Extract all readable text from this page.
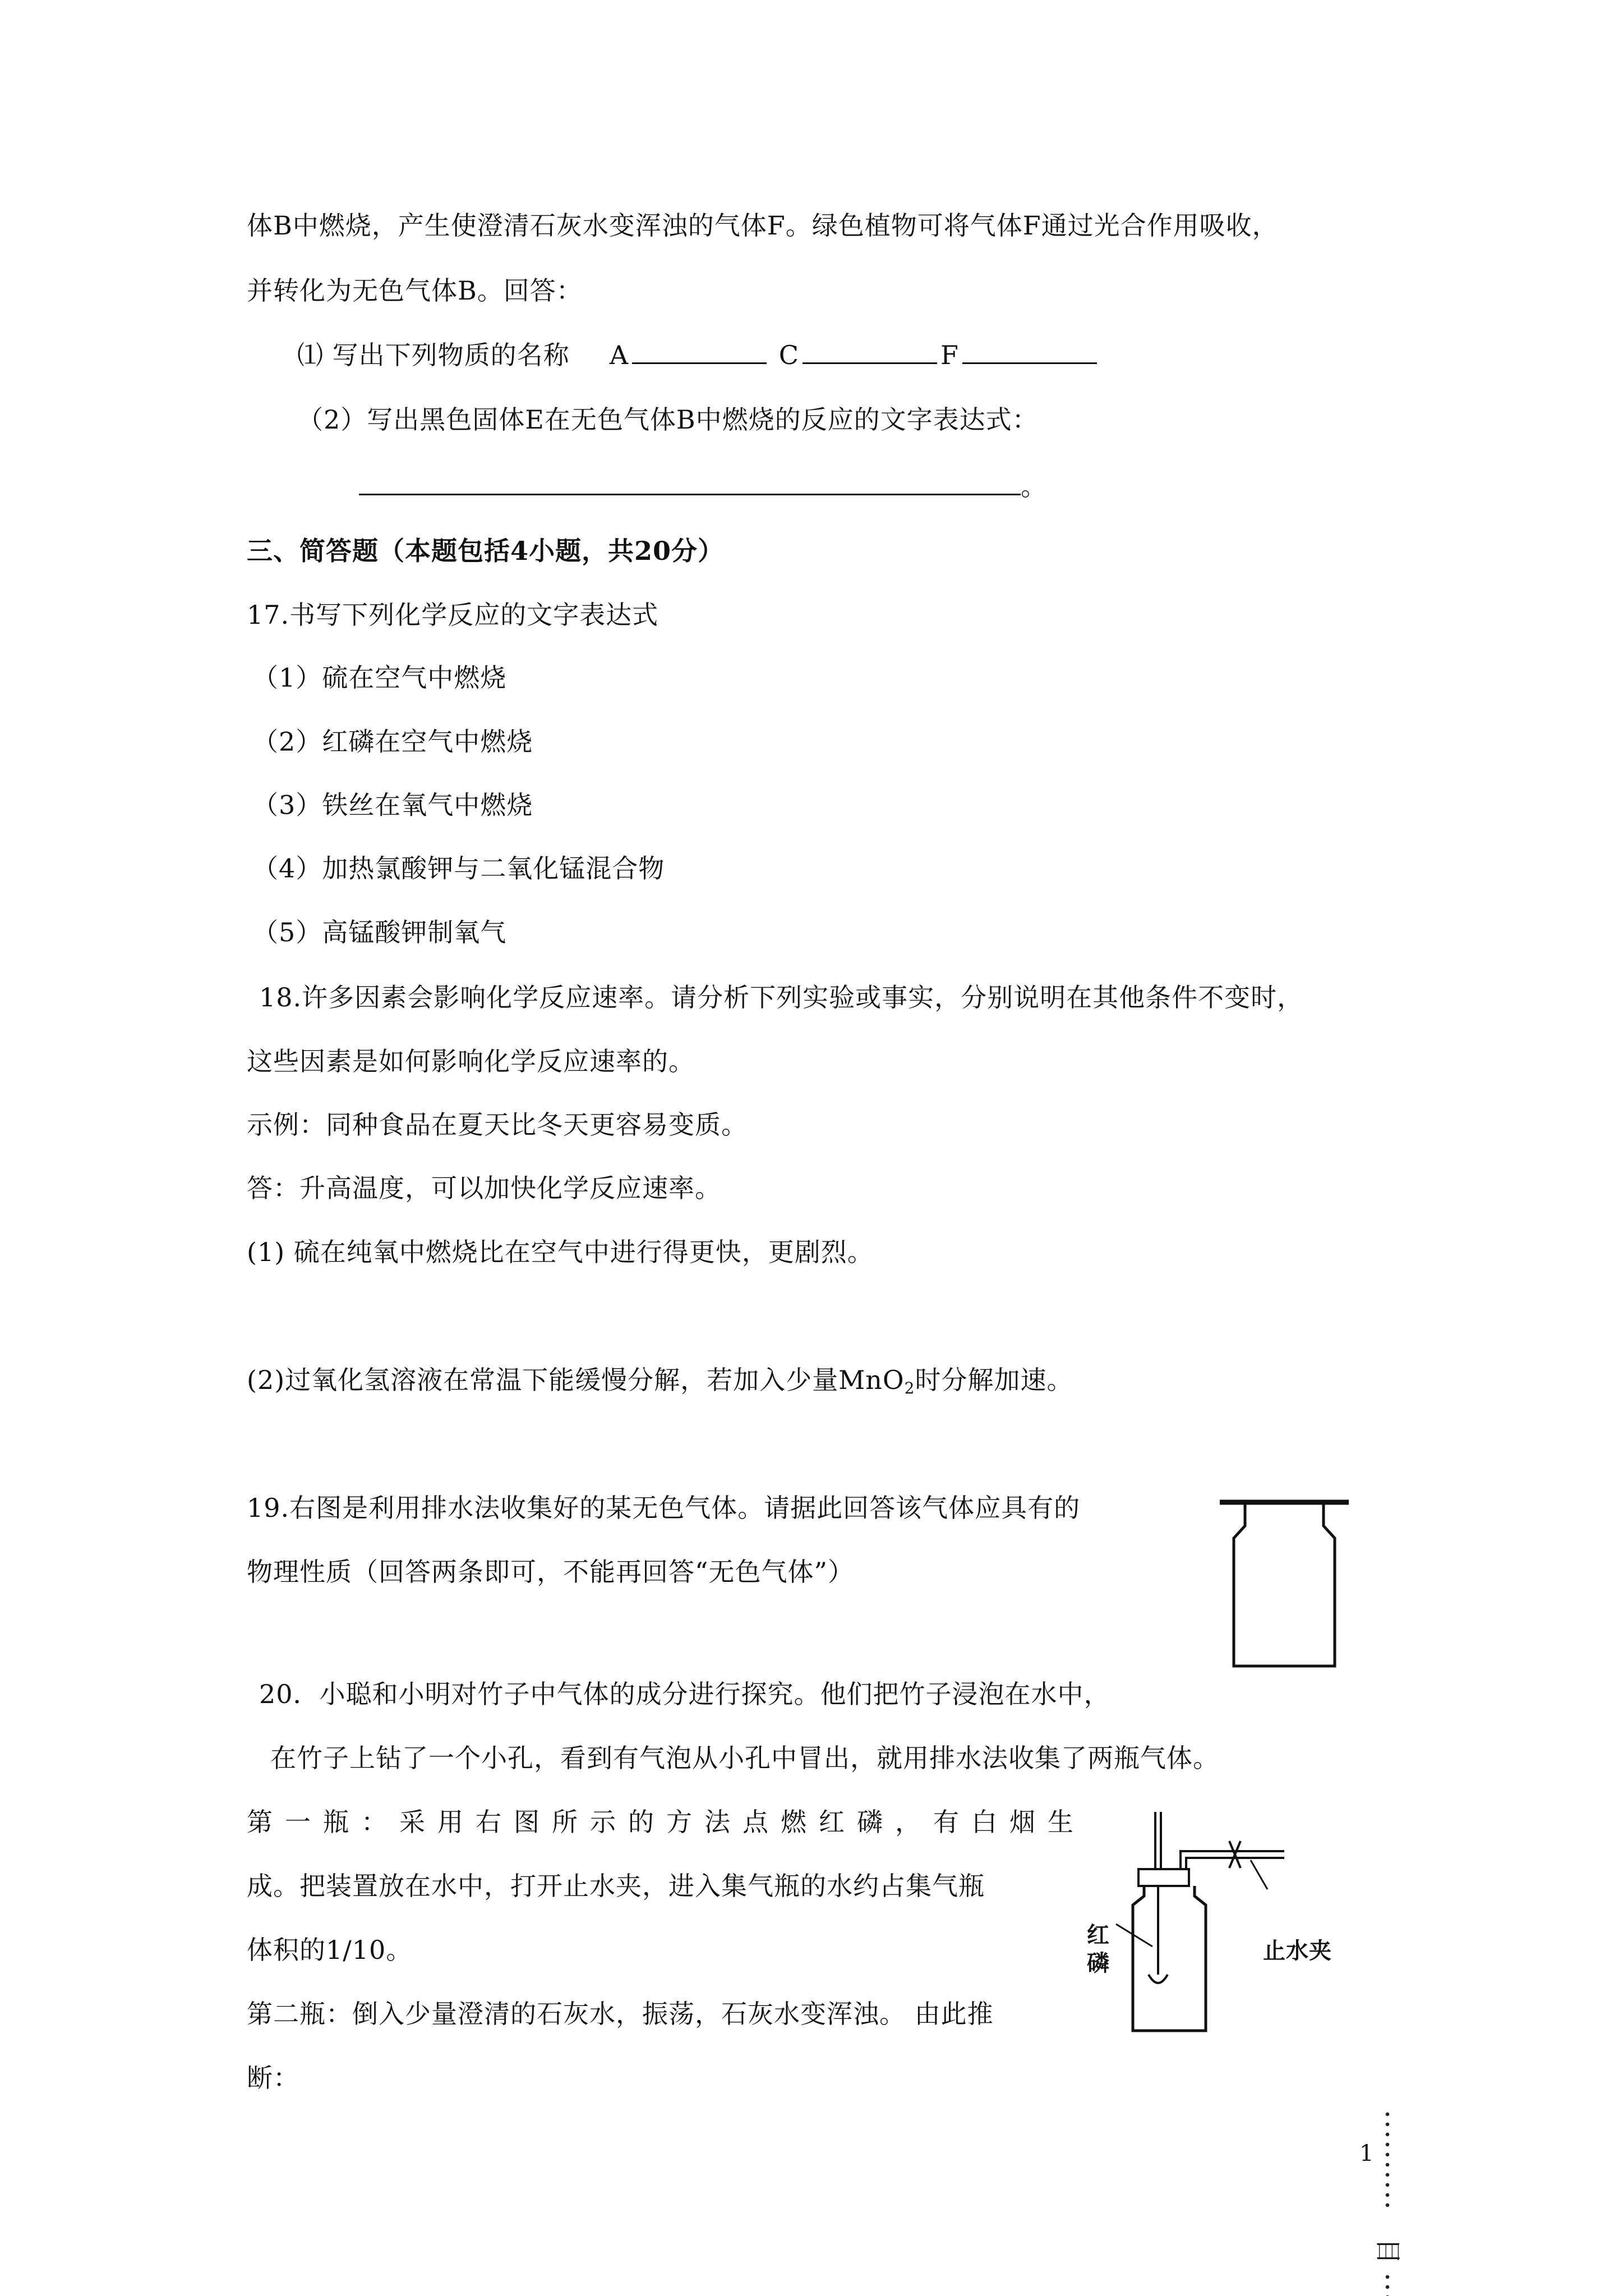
体B中燃烧，产生使澄清石灰水变浑浊的气体F。绿色植物可将气体F通过光合作用吸收，
并转化为无色气体B。回答：
⑴ 写出下列物质的名称 A	C	F
（2）写出黑色固体E在无色气体B中燃烧的反应的文字表达式：
。
三、简答题（本题包括4小题，共20分）
17.书写下列化学反应的文字表达式
（1）硫在空气中燃烧
（2）红磷在空气中燃烧
（3）铁丝在氧气中燃烧
（4）加热氯酸钾与二氧化锰混合物
（5）高锰酸钾制氧气
18.许多因素会影响化学反应速率。请分析下列实验或事实，分别说明在其他条件不变时，
这些因素是如何影响化学反应速率的。
示例：同种食品在夏天比冬天更容易变质。
答：升高温度，可以加快化学反应速率。
(1) 硫在纯氧中燃烧比在空气中进行得更快，更剧烈。
(2)过氧化氢溶液在常温下能缓慢分解，若加入少量MnO$_2$时分解加速。
19.右图是利用排水法收集好的某无色气体。请据此回答该气体应具有的
物理性质（回答两条即可，不能再回答“无色气体”）
20．小聪和小明对竹子中气体的成分进行探究。他们把竹子浸泡在水中，
在竹子上钻了一个小孔，看到有气泡从小孔中冒出，就用排水法收集了两瓶气体。
第一瓶：采用右图所示的方法点燃红磷，有白烟生
成。把装置放在水中，打开止水夹，进入集气瓶的水约占集气瓶
体积的1/10。
第二瓶：倒入少量澄清的石灰水，振荡，石灰水变浑浊。 由此推
断：
红
磷	止水夹
1
目
